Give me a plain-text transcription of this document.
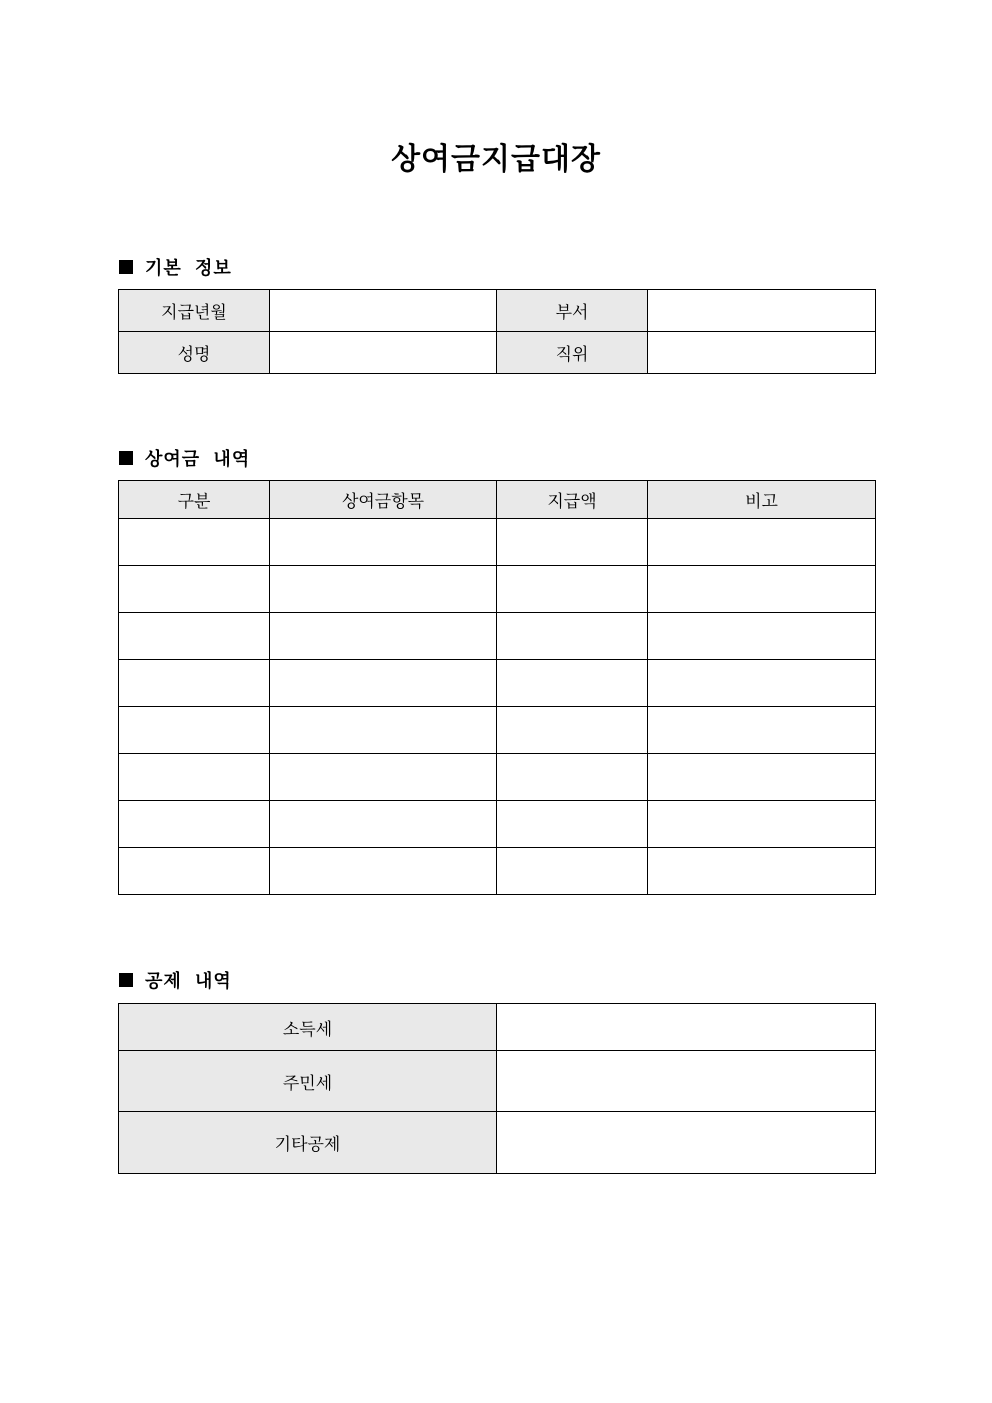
상여금지급대장
기본 정보
지급년월		부서	
성명		직위	
상여금 내역
구분	상여금항목	지급액	비고

공제 내역
소득세	
주민세	
기타공제	
